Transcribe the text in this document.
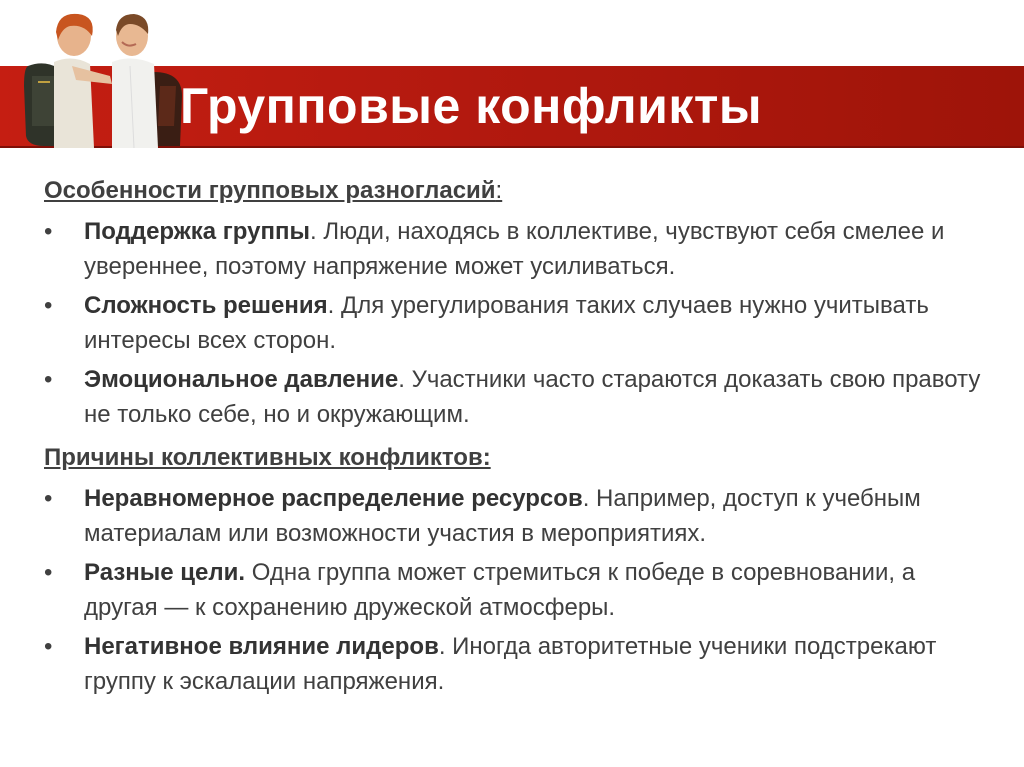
Групповые конфликты
Особенности групповых разногласий:
• Поддержка группы. Люди, находясь в коллективе, чувствуют себя смелее и увереннее, поэтому напряжение может усиливаться.
• Сложность решения. Для урегулирования таких случаев нужно учитывать интересы всех сторон.
• Эмоциональное давление. Участники часто стараются доказать свою правоту не только себе, но и окружающим.
Причины коллективных конфликтов:
• Неравномерное распределение ресурсов. Например, доступ к учебным материалам или возможности участия в мероприятиях.
• Разные цели. Одна группа может стремиться к победе в соревновании, а другая — к сохранению дружеской атмосферы.
• Негативное влияние лидеров. Иногда авторитетные ученики подстрекают группу к эскалации напряжения.
